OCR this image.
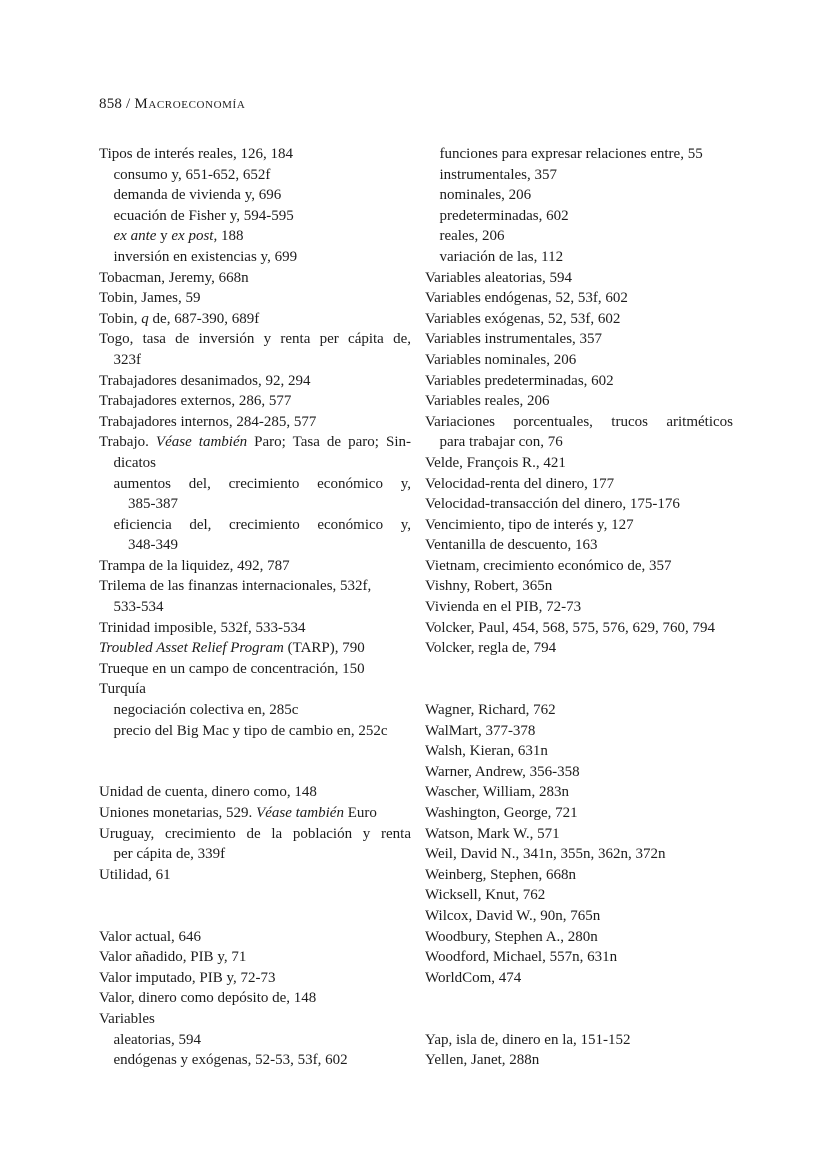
858 / Macroeconomía
Tipos de interés reales, 126, 184
consumo y, 651-652, 652f
demanda de vivienda y, 696
ecuación de Fisher y, 594-595
ex ante y ex post, 188
inversión en existencias y, 699
Tobacman, Jeremy, 668n
Tobin, James, 59
Tobin, q de, 687-390, 689f
Togo, tasa de inversión y renta per cápita de,
323f
Trabajadores desanimados, 92, 294
Trabajadores externos, 286, 577
Trabajadores internos, 284-285, 577
Trabajo. Véase también Paro; Tasa de paro; Sin-
dicatos
aumentos del, crecimiento económico y,
385-387
eficiencia del, crecimiento económico y,
348-349
Trampa de la liquidez, 492, 787
Trilema de las finanzas internacionales, 532f,
533-534
Trinidad imposible, 532f, 533-534
Troubled Asset Relief Program (TARP), 790
Trueque en un campo de concentración, 150
Turquía
negociación colectiva en, 285c
precio del Big Mac y tipo de cambio en, 252c
Unidad de cuenta, dinero como, 148
Uniones monetarias, 529. Véase también Euro
Uruguay, crecimiento de la población y renta
per cápita de, 339f
Utilidad, 61
Valor actual, 646
Valor añadido, PIB y, 71
Valor imputado, PIB y, 72-73
Valor, dinero como depósito de, 148
Variables
aleatorias, 594
endógenas y exógenas, 52-53, 53f, 602
funciones para expresar relaciones entre, 55
instrumentales, 357
nominales, 206
predeterminadas, 602
reales, 206
variación de las, 112
Variables aleatorias, 594
Variables endógenas, 52, 53f, 602
Variables exógenas, 52, 53f, 602
Variables instrumentales, 357
Variables nominales, 206
Variables predeterminadas, 602
Variables reales, 206
Variaciones porcentuales, trucos aritméticos
para trabajar con, 76
Velde, François R., 421
Velocidad-renta del dinero, 177
Velocidad-transacción del dinero, 175-176
Vencimiento, tipo de interés y, 127
Ventanilla de descuento, 163
Vietnam, crecimiento económico de, 357
Vishny, Robert, 365n
Vivienda en el PIB, 72-73
Volcker, Paul, 454, 568, 575, 576, 629, 760, 794
Volcker, regla de, 794
Wagner, Richard, 762
WalMart, 377-378
Walsh, Kieran, 631n
Warner, Andrew, 356-358
Wascher, William, 283n
Washington, George, 721
Watson, Mark W., 571
Weil, David N., 341n, 355n, 362n, 372n
Weinberg, Stephen, 668n
Wicksell, Knut, 762
Wilcox, David W., 90n, 765n
Woodbury, Stephen A., 280n
Woodford, Michael, 557n, 631n
WorldCom, 474
Yap, isla de, dinero en la, 151-152
Yellen, Janet, 288n
